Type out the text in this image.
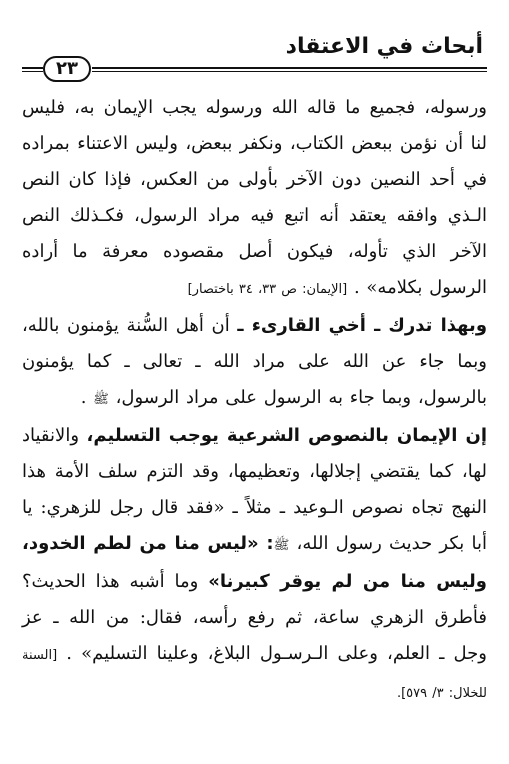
أبحاث في الاعتقاد
٢٣

ورسوله، فجميع ما قاله الله ورسوله يجب الإيمان به، فليس لنا أن نؤمن ببعض الكتاب، ونكفر ببعض، وليس الاعتناء بمراده في أحد النصين دون الآخر بأولى من العكس، فإذا كان النص الـذي وافقه يعتقد أنه اتبع فيه مراد الرسول، فكـذلك النص الآخر الذي تأوله، فيكون أصل مقصوده معرفة ما أراده الرسول بكلامه» . [الإيمان: ص ٣٣، ٣٤ باختصار]

وبهذا تدرك ـ أخي القارىء ـ أن أهل السُّنة يؤمنون بالله، وبما جاء عن الله على مراد الله ـ تعالى ـ كما يؤمنون بالرسول، وبما جاء به الرسول على مراد الرسول، ﷺ .

إن الإيمان بالنصوص الشرعية يوجب التسليم، والانقياد لها، كما يقتضي إجلالها، وتعظيمها، وقد التزم سلف الأمة هذا النهج تجاه نصوص الـوعيد ـ مثلاً ـ «فقد قال رجل للزهري: يا أبا بكر حديث رسول الله، ﷺ: «ليس منا من لطم الخدود، وليس منا من لم يوقر كبيرنا» وما أشبه هذا الحديث؟ فأطرق الزهري ساعة، ثم رفع رأسه، فقال: من الله ـ عز وجل ـ العلم، وعلى الـرسـول البلاغ، وعلينا التسليم» . [السنة للخلال: ٣/ ٥٧٩].
